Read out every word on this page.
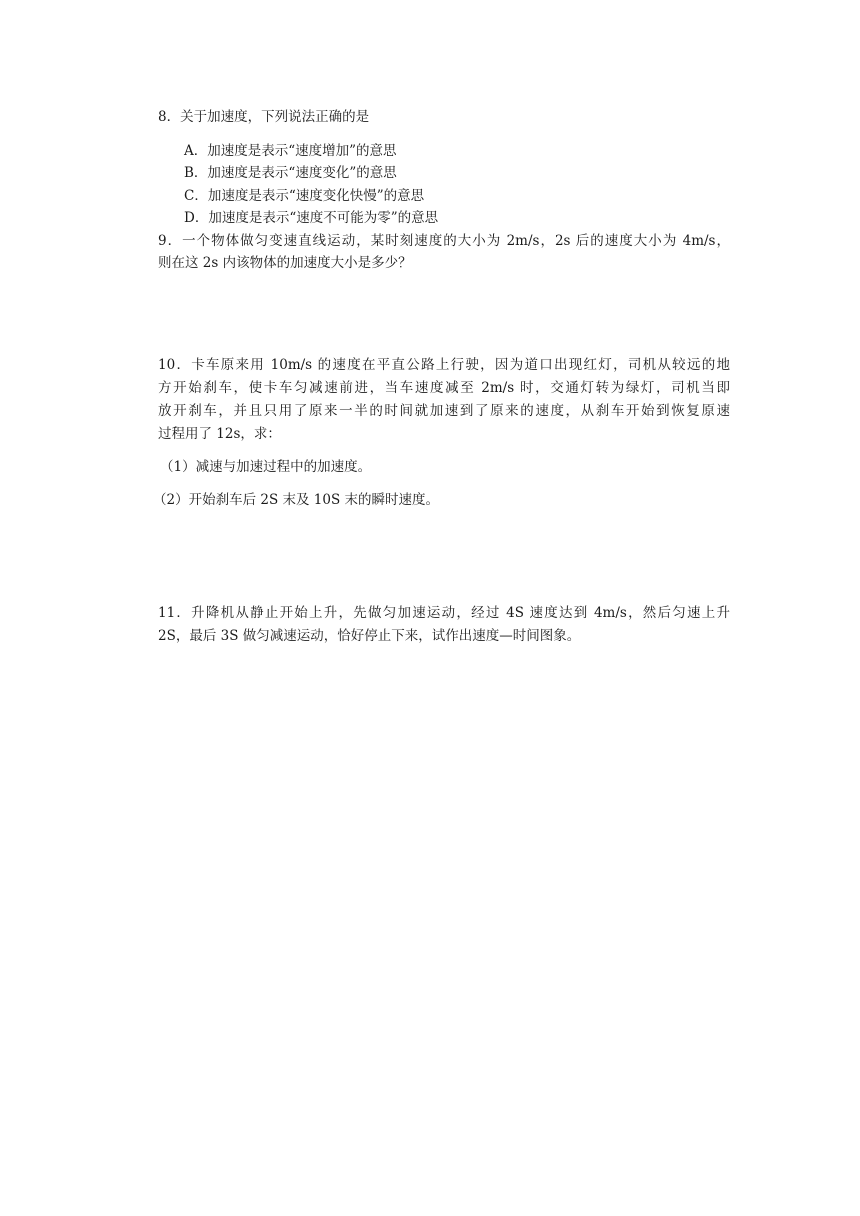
8．关于加速度，下列说法正确的是
A．加速度是表示“速度增加”的意思
B．加速度是表示“速度变化”的意思
C．加速度是表示“速度变化快慢”的意思
D．加速度是表示“速度不可能为零”的意思
9．一个物体做匀变速直线运动，某时刻速度的大小为 2m/s，2s 后的速度大小为 4m/s，
则在这 2s 内该物体的加速度大小是多少？
10．卡车原来用 10m/s 的速度在平直公路上行驶，因为道口出现红灯，司机从较远的地
方开始刹车，使卡车匀减速前进，当车速度减至 2m/s 时，交通灯转为绿灯，司机当即
放开刹车，并且只用了原来一半的时间就加速到了原来的速度，从刹车开始到恢复原速
过程用了 12s，求：
（1）减速与加速过程中的加速度。
（2）开始刹车后 2S 末及 10S 末的瞬时速度。
11．升降机从静止开始上升，先做匀加速运动，经过 4S 速度达到 4m/s，然后匀速上升
2S，最后 3S 做匀减速运动，恰好停止下来，试作出速度—时间图象。
